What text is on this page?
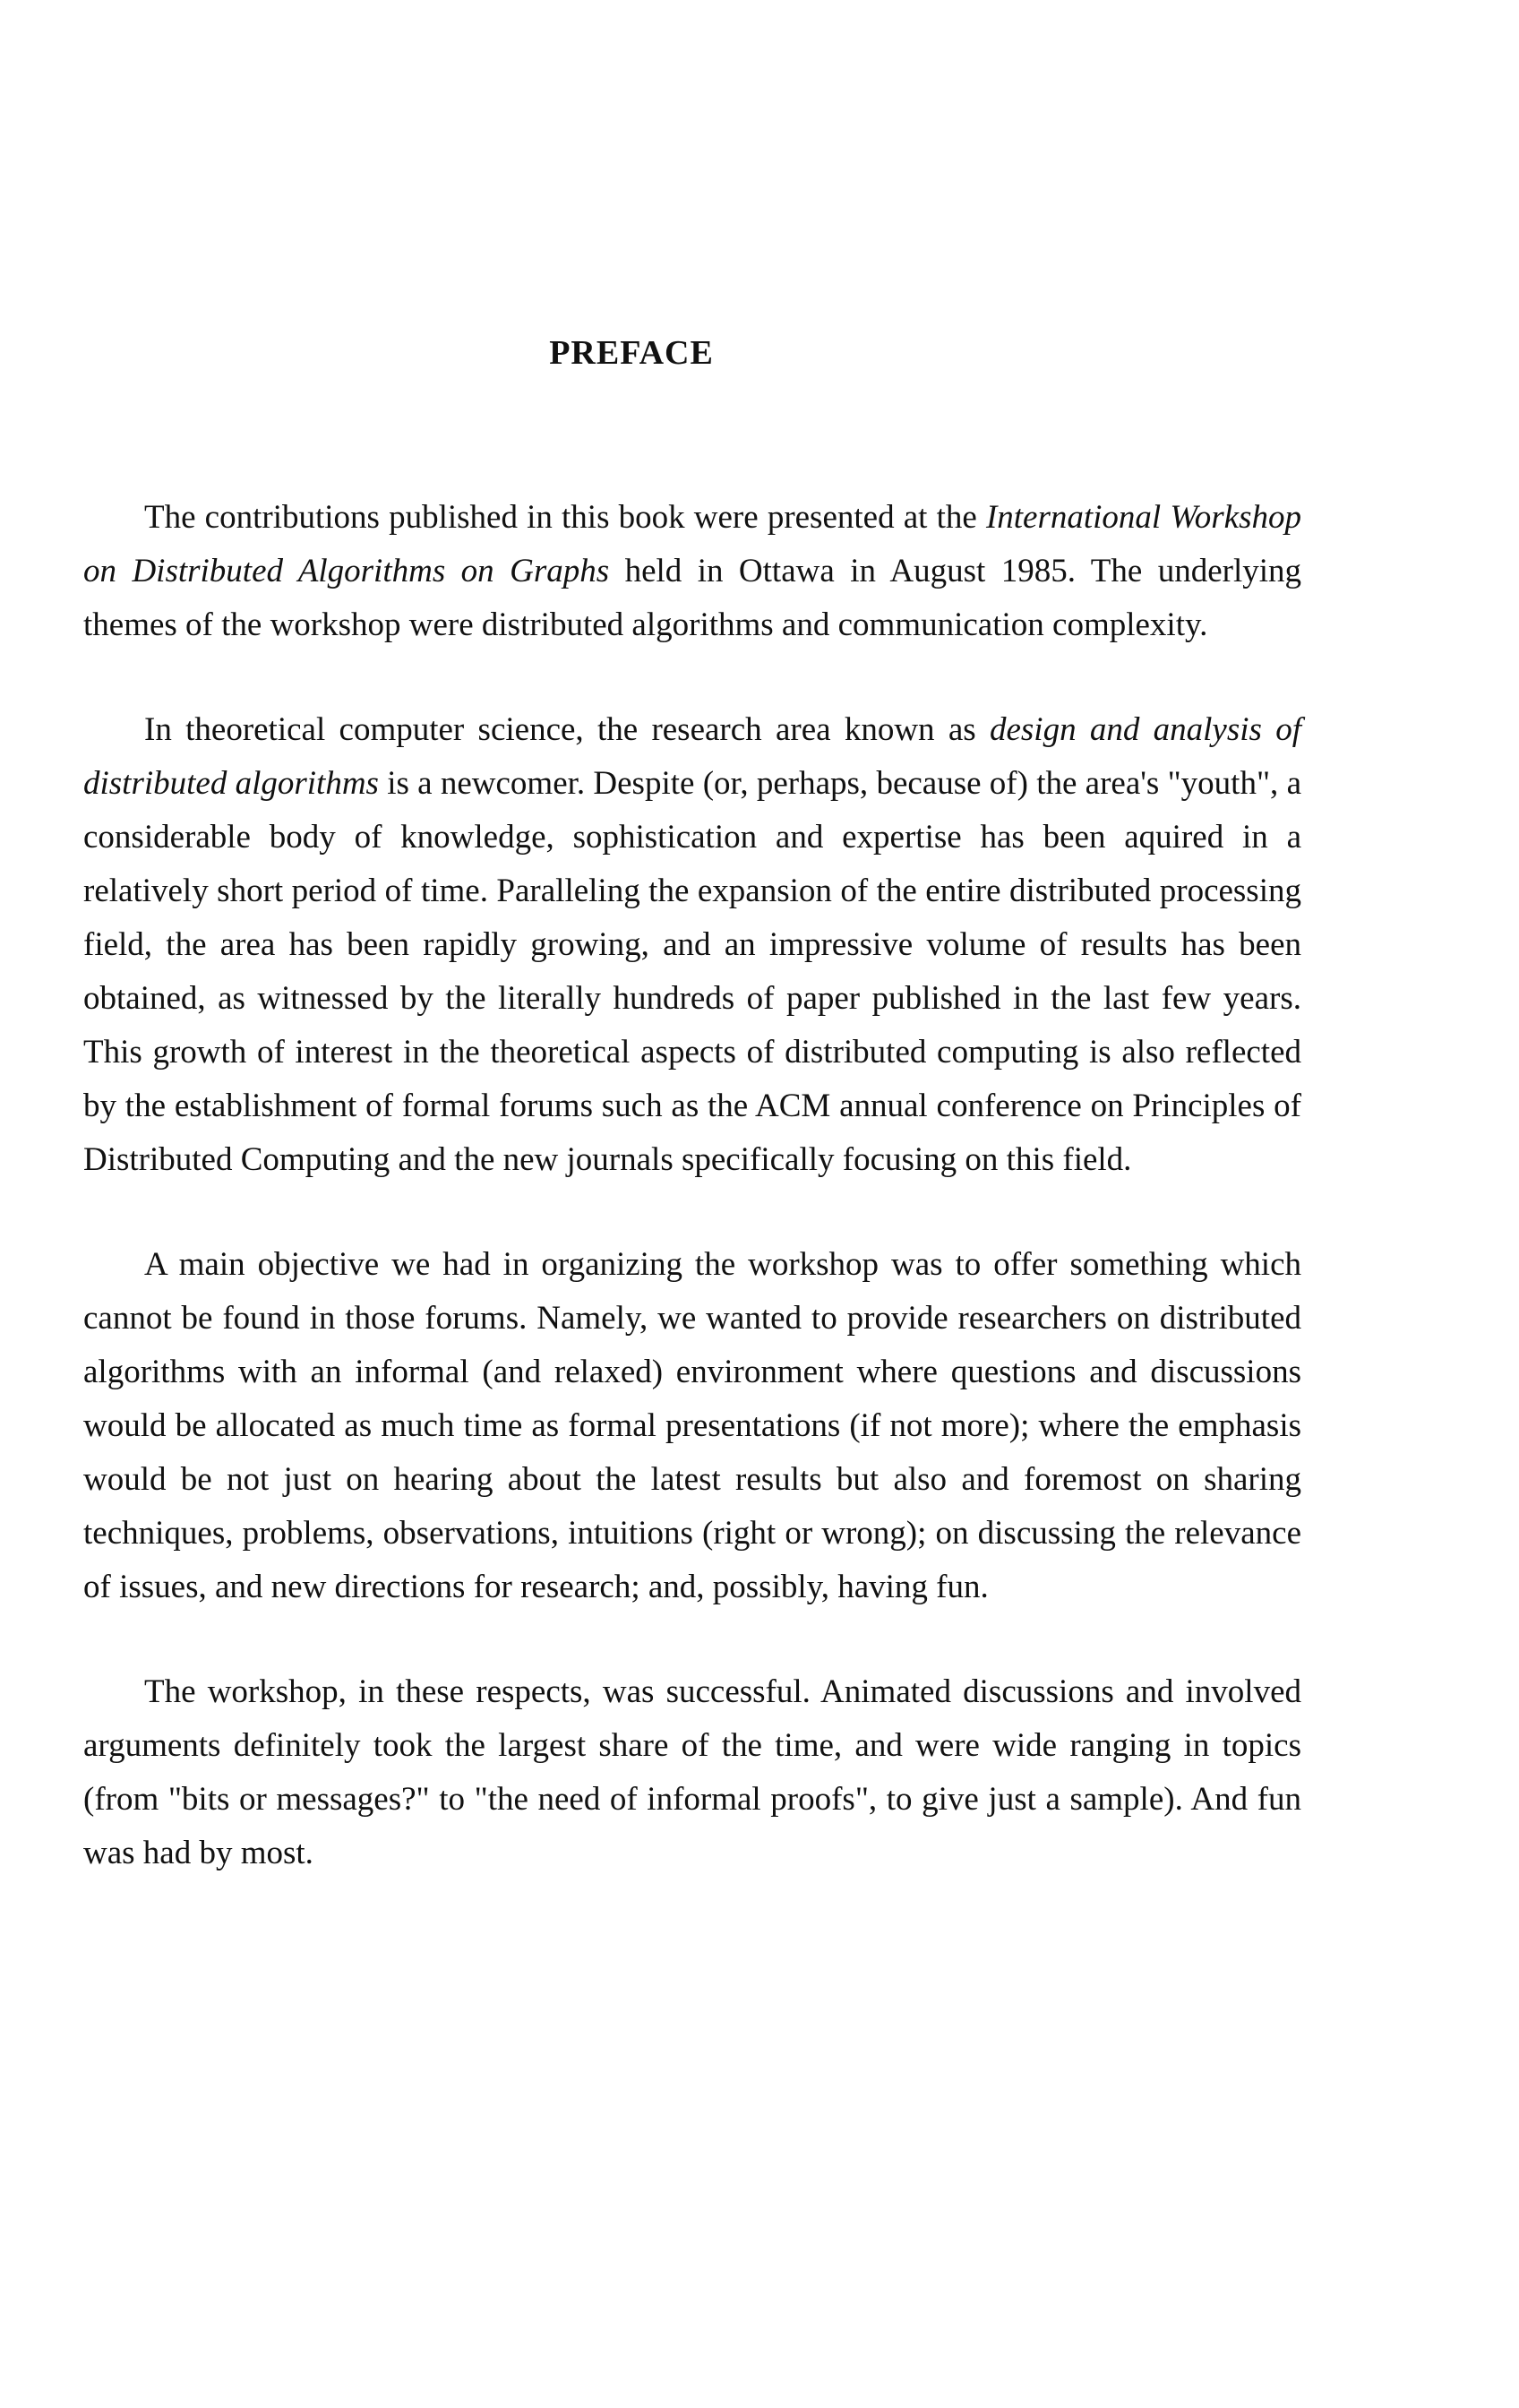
PREFACE

The contributions published in this book were presented at the International Workshop on Distributed Algorithms on Graphs held in Ottawa in August 1985. The underlying themes of the workshop were distributed algorithms and communication complexity.

In theoretical computer science, the research area known as design and analysis of distributed algorithms is a newcomer. Despite (or, perhaps, because of) the area's "youth", a considerable body of knowledge, sophistication and expertise has been aquired in a relatively short period of time. Paralleling the expansion of the entire distributed processing field, the area has been rapidly growing, and an impressive volume of results has been obtained, as witnessed by the literally hundreds of paper published in the last few years. This growth of interest in the theoretical aspects of distributed computing is also reflected by the establishment of formal forums such as the ACM annual conference on Principles of Distributed Computing and the new journals specifically focusing on this field.

A main objective we had in organizing the workshop was to offer something which cannot be found in those forums. Namely, we wanted to provide researchers on distributed algorithms with an informal (and relaxed) environment where questions and discussions would be allocated as much time as formal presentations (if not more); where the emphasis would be not just on hearing about the latest results but also and foremost on sharing techniques, problems, observations, intuitions (right or wrong); on discussing the relevance of issues, and new directions for research; and, possibly, having fun.

The workshop, in these respects, was successful. Animated discussions and involved arguments definitely took the largest share of the time, and were wide ranging in topics (from "bits or messages?" to "the need of informal proofs", to give just a sample). And fun was had by most.
